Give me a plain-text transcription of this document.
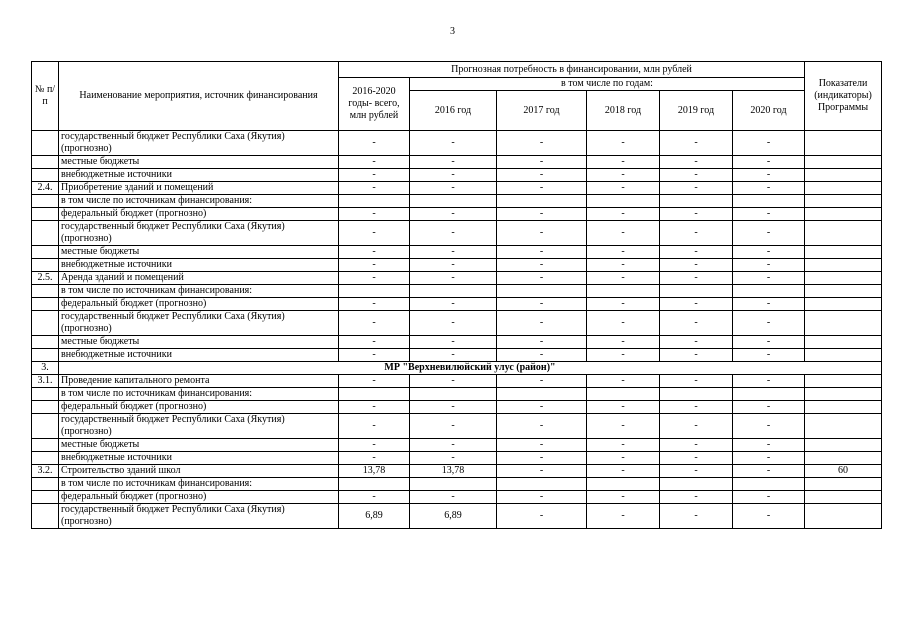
3
№ п/п	Наименование мероприятия, источник финансирования	Прогнозная потребность в финансировании, млн рублей						Показатели (индикаторы) Программы
		2016-2020 годы- всего, млн рублей	в том числе по годам:					
			2016 год	2017 год	2018 год	2019 год	2020 год	
	государственный бюджет Республики Саха (Якутия) (прогнозно)	-	-	-	-	-	-	
	местные бюджеты	-	-	-	-	-	-	
	внебюджетные источники	-	-	-	-	-	-	
2.4.	Приобретение зданий и помещений	-	-	-	-	-	-	
	в том числе по источникам финансирования:							
	федеральный бюджет (прогнозно)	-	-	-	-	-	-	
	государственный бюджет Республики Саха (Якутия) (прогнозно)	-	-	-	-	-	-	
	местные бюджеты	-	-	-	-	-	-	
	внебюджетные источники	-	-	-	-	-	-	
2.5.	Аренда зданий и помещений	-	-	-	-	-	-	
	в том числе по источникам финансирования:							
	федеральный бюджет (прогнозно)	-	-	-	-	-	-	
	государственный бюджет Республики Саха (Якутия) (прогнозно)	-	-	-	-	-	-	
	местные бюджеты	-	-	-	-	-	-	
	внебюджетные источники	-	-	-	-	-	-	
3.	МР "Верхневилюйский улус (район)"							
3.1.	Проведение капитального ремонта	-	-	-	-	-	-	
	в том числе по источникам финансирования:							
	федеральный бюджет (прогнозно)	-	-	-	-	-	-	
	государственный бюджет Республики Саха (Якутия) (прогнозно)	-	-	-	-	-	-	
	местные бюджеты	-	-	-	-	-	-	
	внебюджетные источники	-	-	-	-	-	-	
3.2.	Строительство зданий школ	13,78	13,78	-	-	-	-	60
	в том числе по источникам финансирования:							
	федеральный бюджет (прогнозно)	-	-	-	-	-	-	
	государственный бюджет Республики Саха (Якутия) (прогнозно)	6,89	6,89	-	-	-	-	
